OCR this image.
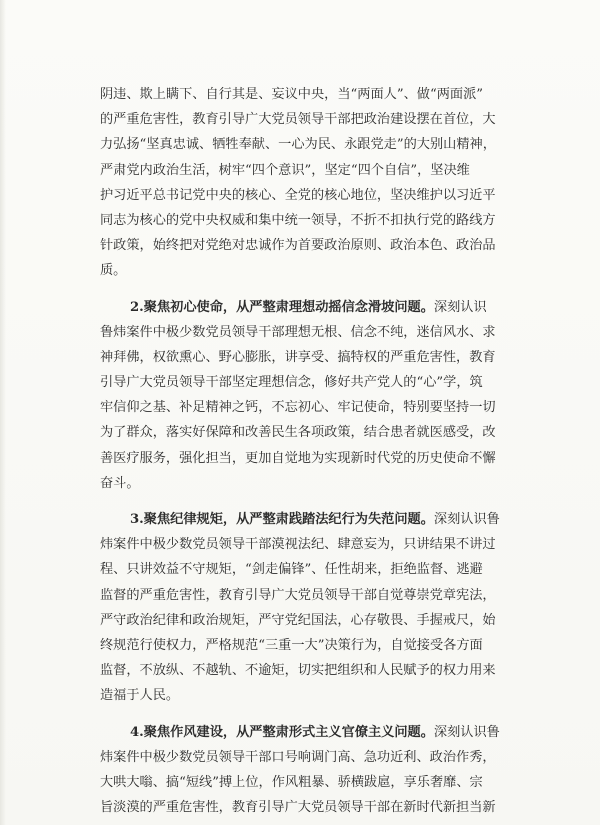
阴违、欺上瞒下、自行其是、妄议中央，当“两面人”、做“两面派”
的严重危害性，教育引导广大党员领导干部把政治建设摆在首位，大
力弘扬“坚真忠诚、牺牲奉献、一心为民、永跟党走”的大别山精神，
严肃党内政治生活，树牢“四个意识”，坚定“四个自信”，坚决维
护习近平总书记党中央的核心、全党的核心地位，坚决维护以习近平
同志为核心的党中央权威和集中统一领导，不折不扣执行党的路线方
针政策，始终把对党绝对忠诚作为首要政治原则、政治本色、政治品
质。
2.聚焦初心使命，从严整肃理想动摇信念滑坡问题。深刻认识
鲁炜案件中极少数党员领导干部理想无根、信念不纯，迷信风水、求
神拜佛，权欲熏心、野心膨胀，讲享受、搞特权的严重危害性，教育
引导广大党员领导干部坚定理想信念，修好共产党人的“心”学，筑
牢信仰之基、补足精神之钙，不忘初心、牢记使命，特别要坚持一切
为了群众，落实好保障和改善民生各项政策，结合患者就医感受，改
善医疗服务，强化担当，更加自觉地为实现新时代党的历史使命不懈
奋斗。
3.聚焦纪律规矩，从严整肃践踏法纪行为失范问题。深刻认识鲁
炜案件中极少数党员领导干部漠视法纪、肆意妄为，只讲结果不讲过
程、只讲效益不守规矩，“剑走偏锋”、任性胡来，拒绝监督、逃避
监督的严重危害性，教育引导广大党员领导干部自觉尊崇党章宪法，
严守政治纪律和政治规矩，严守党纪国法，心存敬畏、手握戒尺，始
终规范行使权力，严格规范“三重一大”决策行为，自觉接受各方面
监督，不放纵、不越轨、不逾矩，切实把组织和人民赋予的权力用来
造福于人民。
4.聚焦作风建设，从严整肃形式主义官僚主义问题。深刻认识鲁
炜案件中极少数党员领导干部口号响调门高、急功近利、政治作秀，
大哄大嗡、搞“短线”搏上位，作风粗暴、骄横跋扈，享乐奢靡、宗
旨淡漠的严重危害性，教育引导广大党员领导干部在新时代新担当新
